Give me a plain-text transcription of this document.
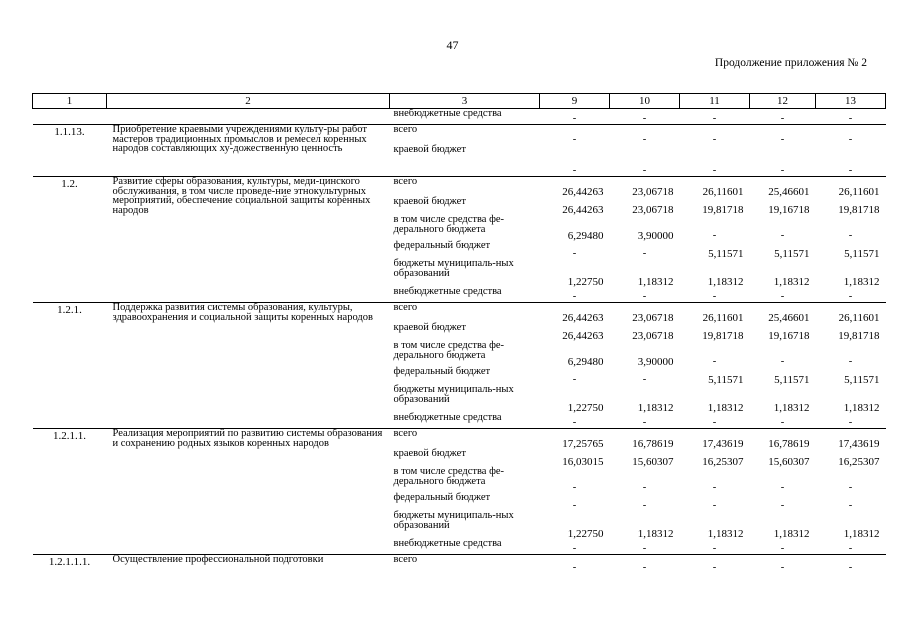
47
Продолжение приложения № 2
1	2	3	9	10	11	12	13
		внебюджетные средства	-	-	-	-	-
1.1.13.	Приобретение краевыми учреждениями культу-ры работ мастеров традиционных промыслов и ремесел коренных народов составляющих ху-дожественную ценность	всего	-	-	-	-	-
		краевой бюджет	-	-	-	-	-
1.2.	Развитие сферы образования, культуры, меди-цинского обслуживания, в том числе проведе-ние этнокультурных мероприятий, обеспечение социальной защиты коренных народов	всего	26,44263	23,06718	26,11601	25,46601	26,11601
		краевой бюджет	26,44263	23,06718	19,81718	19,16718	19,81718
		в том числе средства фе-дерального бюджета	6,29480	3,90000	-	-	-
		федеральный бюджет	-	-	5,11571	5,11571	5,11571
		бюджеты муниципаль-ных образований	1,22750	1,18312	1,18312	1,18312	1,18312
		внебюджетные средства	-	-	-	-	-
1.2.1.	Поддержка развития системы образования, культуры, здравоохранения и социальной защиты коренных народов	всего	26,44263	23,06718	26,11601	25,46601	26,11601
		краевой бюджет	26,44263	23,06718	19,81718	19,16718	19,81718
		в том числе средства фе-дерального бюджета	6,29480	3,90000	-	-	-
		федеральный бюджет	-	-	5,11571	5,11571	5,11571
		бюджеты муниципаль-ных образований	1,22750	1,18312	1,18312	1,18312	1,18312
		внебюджетные средства	-	-	-	-	-
1.2.1.1.	Реализация мероприятий по развитию системы образования и сохранению родных языков коренных народов	всего	17,25765	16,78619	17,43619	16,78619	17,43619
		краевой бюджет	16,03015	15,60307	16,25307	15,60307	16,25307
		в том числе средства фе-дерального бюджета	-	-	-	-	-
		федеральный бюджет	-	-	-	-	-
		бюджеты муниципаль-ных образований	1,22750	1,18312	1,18312	1,18312	1,18312
		внебюджетные средства	-	-	-	-	-
1.2.1.1.1.	Осуществление профессиональной подготовки	всего	-	-	-	-	-
